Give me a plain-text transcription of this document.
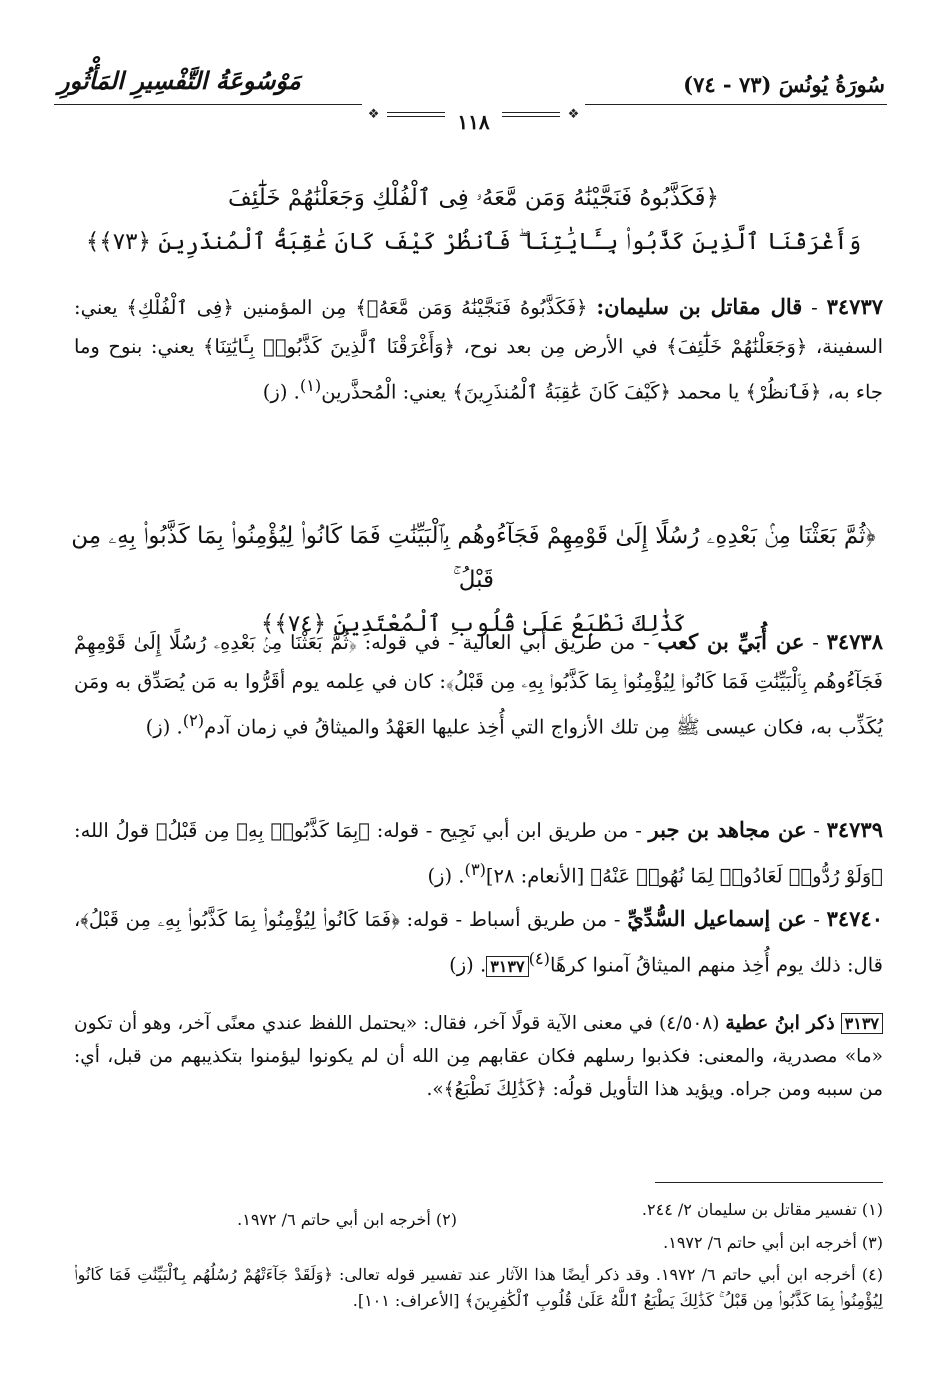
سُورَةُ يُونُسَ (٧٣ - ٧٤)
مَوْسُوعَةُ التَّفْسِيرِ المَأْثُورِ
❖	١١٨	❖
﴿فَكَذَّبُوهُ فَنَجَّيْنَٰهُ وَمَن مَّعَهُۥ فِى ٱلْفُلْكِ وَجَعَلْنَٰهُمْ خَلَٰٓئِفَ
وَأَغْرَقْنَا ٱلَّذِينَ كَذَّبُوا۟ بِـَٔايَٰتِنَا ۖ فَٱنظُرْ كَيْفَ كَانَ عَٰقِبَةُ ٱلْمُنذَرِينَ ﴿٧٣﴾﴾
٣٤٧٣٧ - قال مقاتل بن سليمان: ﴿فَكَذَّبُوهُ فَنَجَّيْنَٰهُ وَمَن مَّعَهُۥ﴾ مِن المؤمنين ﴿فِى ٱلْفُلْكِ﴾ يعني: السفينة، ﴿وَجَعَلْنَٰهُمْ خَلَٰٓئِفَ﴾ في الأرض مِن بعد نوح، ﴿وَأَغْرَقْنَا ٱلَّذِينَ كَذَّبُوا۟ بِـَٔايَٰتِنَا﴾ يعني: بنوح وما جاء به، ﴿فَٱنظُرْ﴾ يا محمد ﴿كَيْفَ كَانَ عَٰقِبَةُ ٱلْمُنذَرِينَ﴾ يعني: الْمُحذَّرين$^{(١)}$. (ز)
﴿ثُمَّ بَعَثْنَا مِنۢ بَعْدِهِۦ رُسُلًا إِلَىٰ قَوْمِهِمْ فَجَآءُوهُم بِٱلْبَيِّنَٰتِ فَمَا كَانُوا۟ لِيُؤْمِنُوا۟ بِمَا كَذَّبُوا۟ بِهِۦ مِن قَبْلُ ۚ
كَذَٰلِكَ نَطْبَعُ عَلَىٰ قُلُوبِ ٱلْمُعْتَدِينَ ﴿٧٤﴾﴾
٣٤٧٣٨ - عن أُبَيِّ بن كعب - من طريق أبي العالية - في قوله: ﴿ثُمَّ بَعَثْنَا مِنۢ بَعْدِهِۦ رُسُلًا إِلَىٰ قَوْمِهِمْ فَجَآءُوهُم بِٱلْبَيِّنَٰتِ فَمَا كَانُوا۟ لِيُؤْمِنُوا۟ بِمَا كَذَّبُوا۟ بِهِۦ مِن قَبْلُ﴾: كان في عِلمه يوم أقَرُّوا به مَن يُصَدِّق به ومَن يُكَذِّب به، فكان عيسى ﷺ مِن تلك الأزواج التي أُخِذ عليها العَهْدُ والميثاقُ في زمان آدم$^{(٢)}$. (ز)
٣٤٧٣٩ - عن مجاهد بن جبر - من طريق ابن أبي نَجِيح - قوله: ﴿بِمَا كَذَّبُوا۟ بِهِۦ مِن قَبْلُ﴾ قولُ الله: ﴿وَلَوْ رُدُّوا۟ لَعَادُوا۟ لِمَا نُهُوا۟ عَنْهُ﴾ [الأنعام: ٢٨]$^{(٣)}$. (ز)
٣٤٧٤٠ - عن إسماعيل السُّدِّيِّ - من طريق أسباط - قوله: ﴿فَمَا كَانُوا۟ لِيُؤْمِنُوا۟ بِمَا كَذَّبُوا۟ بِهِۦ مِن قَبْلُ﴾، قال: ذلك يوم أُخِذ منهم الميثاقُ آمنوا كرهًا$^{(٤)}$٣١٣٧. (ز)
٣١٣٧ ذكر ابنُ عطية (٤/٥٠٨) في معنى الآية قولًا آخر، فقال: «يحتمل اللفظ عندي معنًى آخر، وهو أن تكون «ما» مصدرية، والمعنى: فكذبوا رسلهم فكان عقابهم مِن الله أن لم يكونوا ليؤمنوا بتكذيبهم من قبل، أي: من سببه ومن جراه. ويؤيد هذا التأويل قولُه: ﴿كَذَٰلِكَ نَطْبَعُ﴾».
(١) تفسير مقاتل بن سليمان ٢/ ٢٤٤.
(٢) أخرجه ابن أبي حاتم ٦/ ١٩٧٢.
(٣) أخرجه ابن أبي حاتم ٦/ ١٩٧٢.
(٤) أخرجه ابن أبي حاتم ٦/ ١٩٧٢. وقد ذكر أيضًا هذا الآثار عند تفسير قوله تعالى: ﴿وَلَقَدْ جَآءَتْهُمْ رُسُلُهُم بِٱلْبَيِّنَٰتِ فَمَا كَانُوا۟ لِيُؤْمِنُوا۟ بِمَا كَذَّبُوا۟ مِن قَبْلُ ۚ كَذَٰلِكَ يَطْبَعُ ٱللَّهُ عَلَىٰ قُلُوبِ ٱلْكَٰفِرِينَ﴾ [الأعراف: ١٠١].
